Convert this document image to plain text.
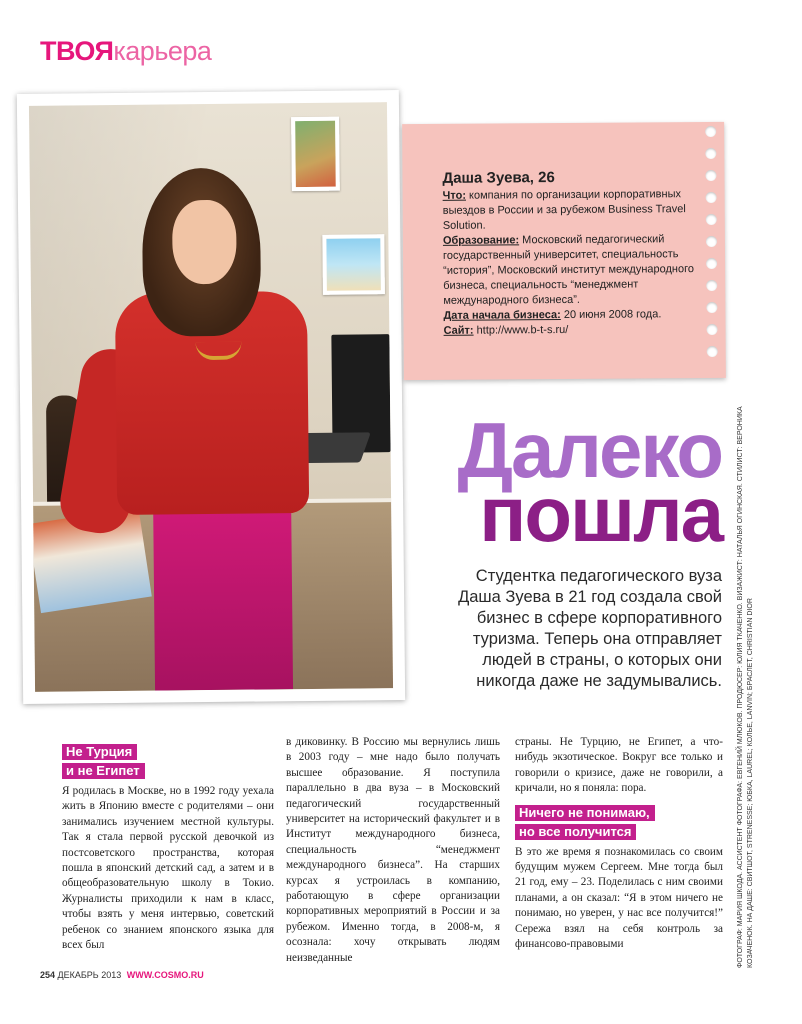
ТВОЯкарьера
Даша Зуева, 26
Что: компания по организации корпоративных выездов в России и за рубежом Business Travel Solution.
Образование: Московский педагогический государственный университет, специальность “история”, Московский институт международного бизнеса, специальность “менеджмент международного бизнеса”.
Дата начала бизнеса: 20 июня 2008 года.
Сайт: http://www.b-t-s.ru/
Далеко
пошла
Студентка педагогического вуза Даша Зуева в 21 год создала свой бизнес в сфере корпоративного туризма. Теперь она отправляет людей в страны, о которых они никогда даже не задумывались. ФОТОГРАФ: МАРИЯ ШКОДА. АССИСТЕНТ ФОТОГРАФА: ЕВГЕНИЙ МЛЮКОВ. ПРОДЮСЕР: ЮЛИЯ ТКАЧЕНКО. ВИЗАЖИСТ: НАТАЛЬЯ ОГИНСКАЯ. СТИЛИСТ: ВЕРОНИКА КОЗАЧЕНОК. НА ДАШЕ: СВИТШОТ, STRENESSE; ЮБКА, LAUREL; КОЛЬЕ, LANVIN; БРАСЛЕТ, CHRISTIAN DIOR
Не Турция
и не Египет

Я родилась в Москве, но в 1992 году уехала жить в Японию вместе с родителями – они занимались изучением местной культуры. Так я стала первой русской девочкой из постсоветского пространства, которая пошла в японский детский сад, а затем и в общеобразовательную школу в Токио. Журналисты приходили к нам в класс, чтобы взять у меня интервью, советский ребенок со знанием японского языка для всех был

в диковинку. В Россию мы вернулись лишь в 2003 году – мне надо было получать высшее образование. Я поступила параллельно в два вуза – в Московский педагогический государственный университет на исторический факультет и в Институт международного бизнеса, специальность “менеджмент международного бизнеса”. На старших курсах я устроилась в компанию, работающую в сфере организации корпоративных мероприятий в России и за рубежом. Именно тогда, в 2008-м, я осознала: хочу открывать людям неизведанные

страны. Не Турцию, не Египет, а что-нибудь экзотическое. Вокруг все только и говорили о кризисе, даже не говорили, а кричали, но я поняла: пора.

Ничего не понимаю,
но все получится

В это же время я познакомилась со своим будущим мужем Сергеем. Мне тогда был 21 год, ему – 23. Поделилась с ним своими планами, а он сказал: “Я в этом ничего не понимаю, но уверен, у нас все получится!” Сережа взял на себя контроль за финансово-правовыми

254 ДЕКАБРЬ 2013 WWW.COSMO.RU
